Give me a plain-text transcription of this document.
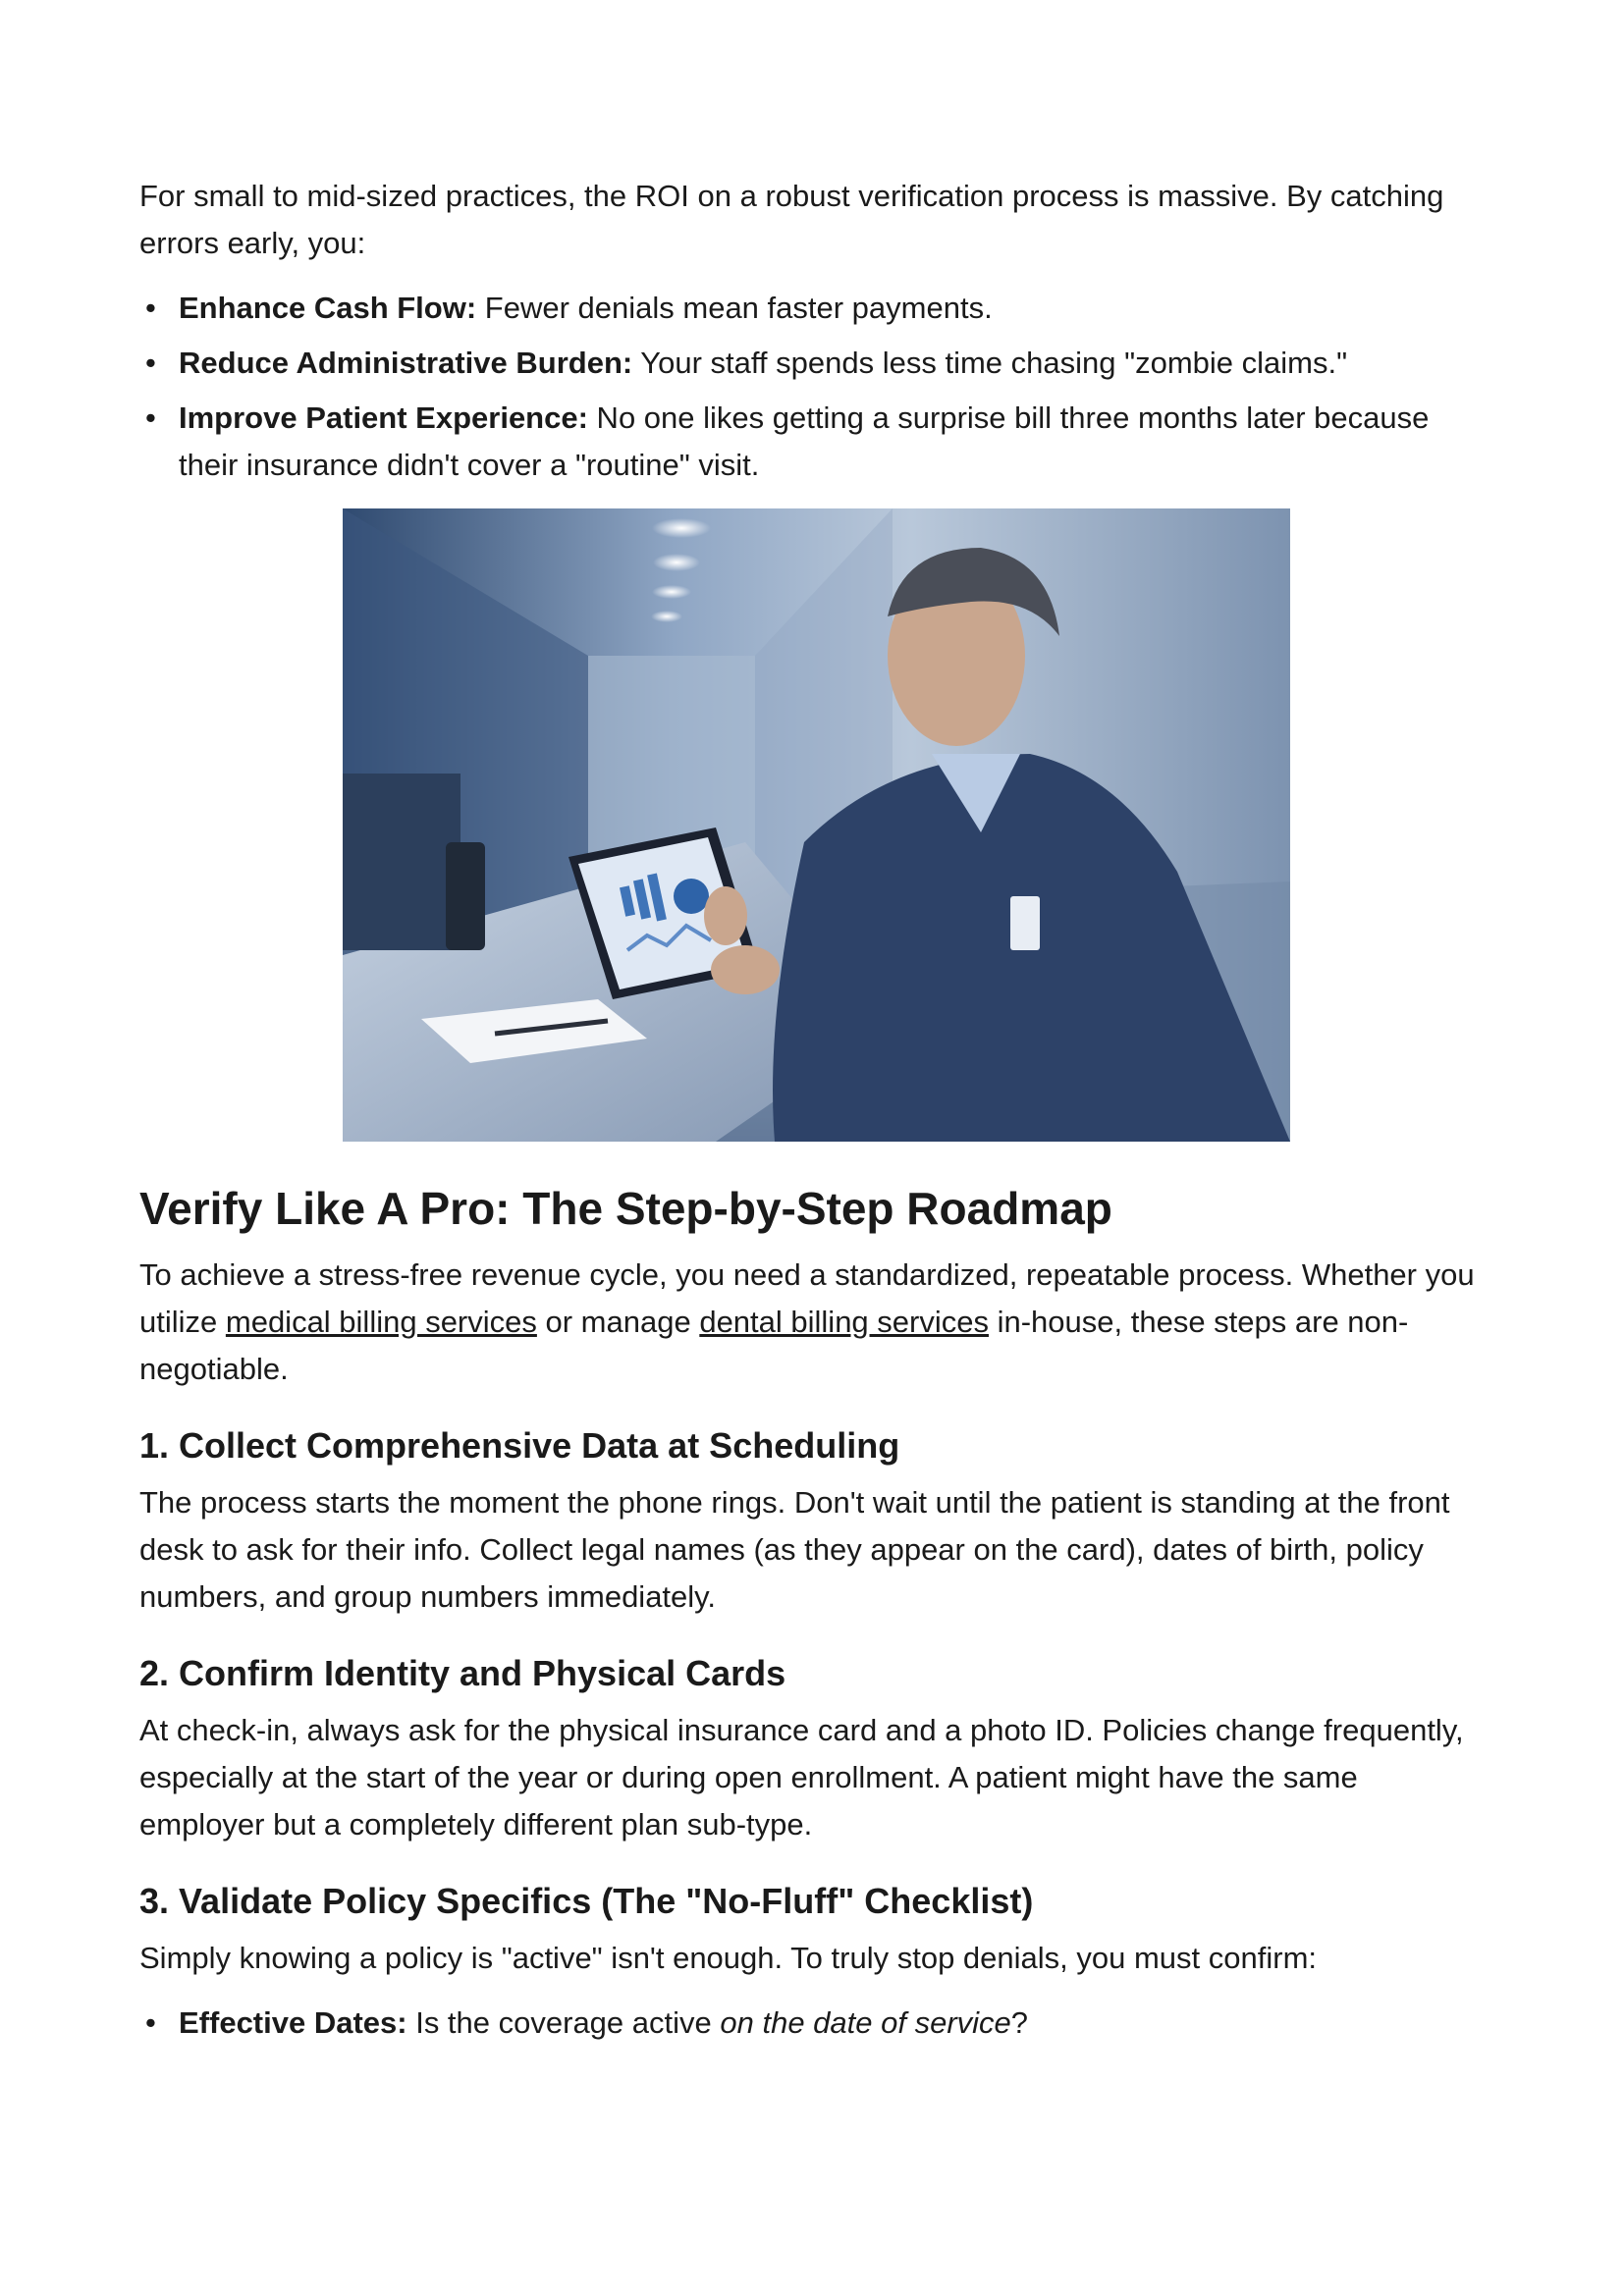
For small to mid-sized practices, the ROI on a robust verification process is massive. By catching errors early, you:

• Enhance Cash Flow: Fewer denials mean faster payments.
• Reduce Administrative Burden: Your staff spends less time chasing "zombie claims."
• Improve Patient Experience: No one likes getting a surprise bill three months later because their insurance didn't cover a "routine" visit.
Verify Like A Pro: The Step-by-Step Roadmap

To achieve a stress-free revenue cycle, you need a standardized, repeatable process. Whether you utilize medical billing services or manage dental billing services in-house, these steps are non-negotiable.

1. Collect Comprehensive Data at Scheduling

The process starts the moment the phone rings. Don't wait until the patient is standing at the front desk to ask for their info. Collect legal names (as they appear on the card), dates of birth, policy numbers, and group numbers immediately.

2. Confirm Identity and Physical Cards

At check-in, always ask for the physical insurance card and a photo ID. Policies change frequently, especially at the start of the year or during open enrollment. A patient might have the same employer but a completely different plan sub-type.

3. Validate Policy Specifics (The "No-Fluff" Checklist)

Simply knowing a policy is "active" isn't enough. To truly stop denials, you must confirm:

• Effective Dates: Is the coverage active on the date of service?
